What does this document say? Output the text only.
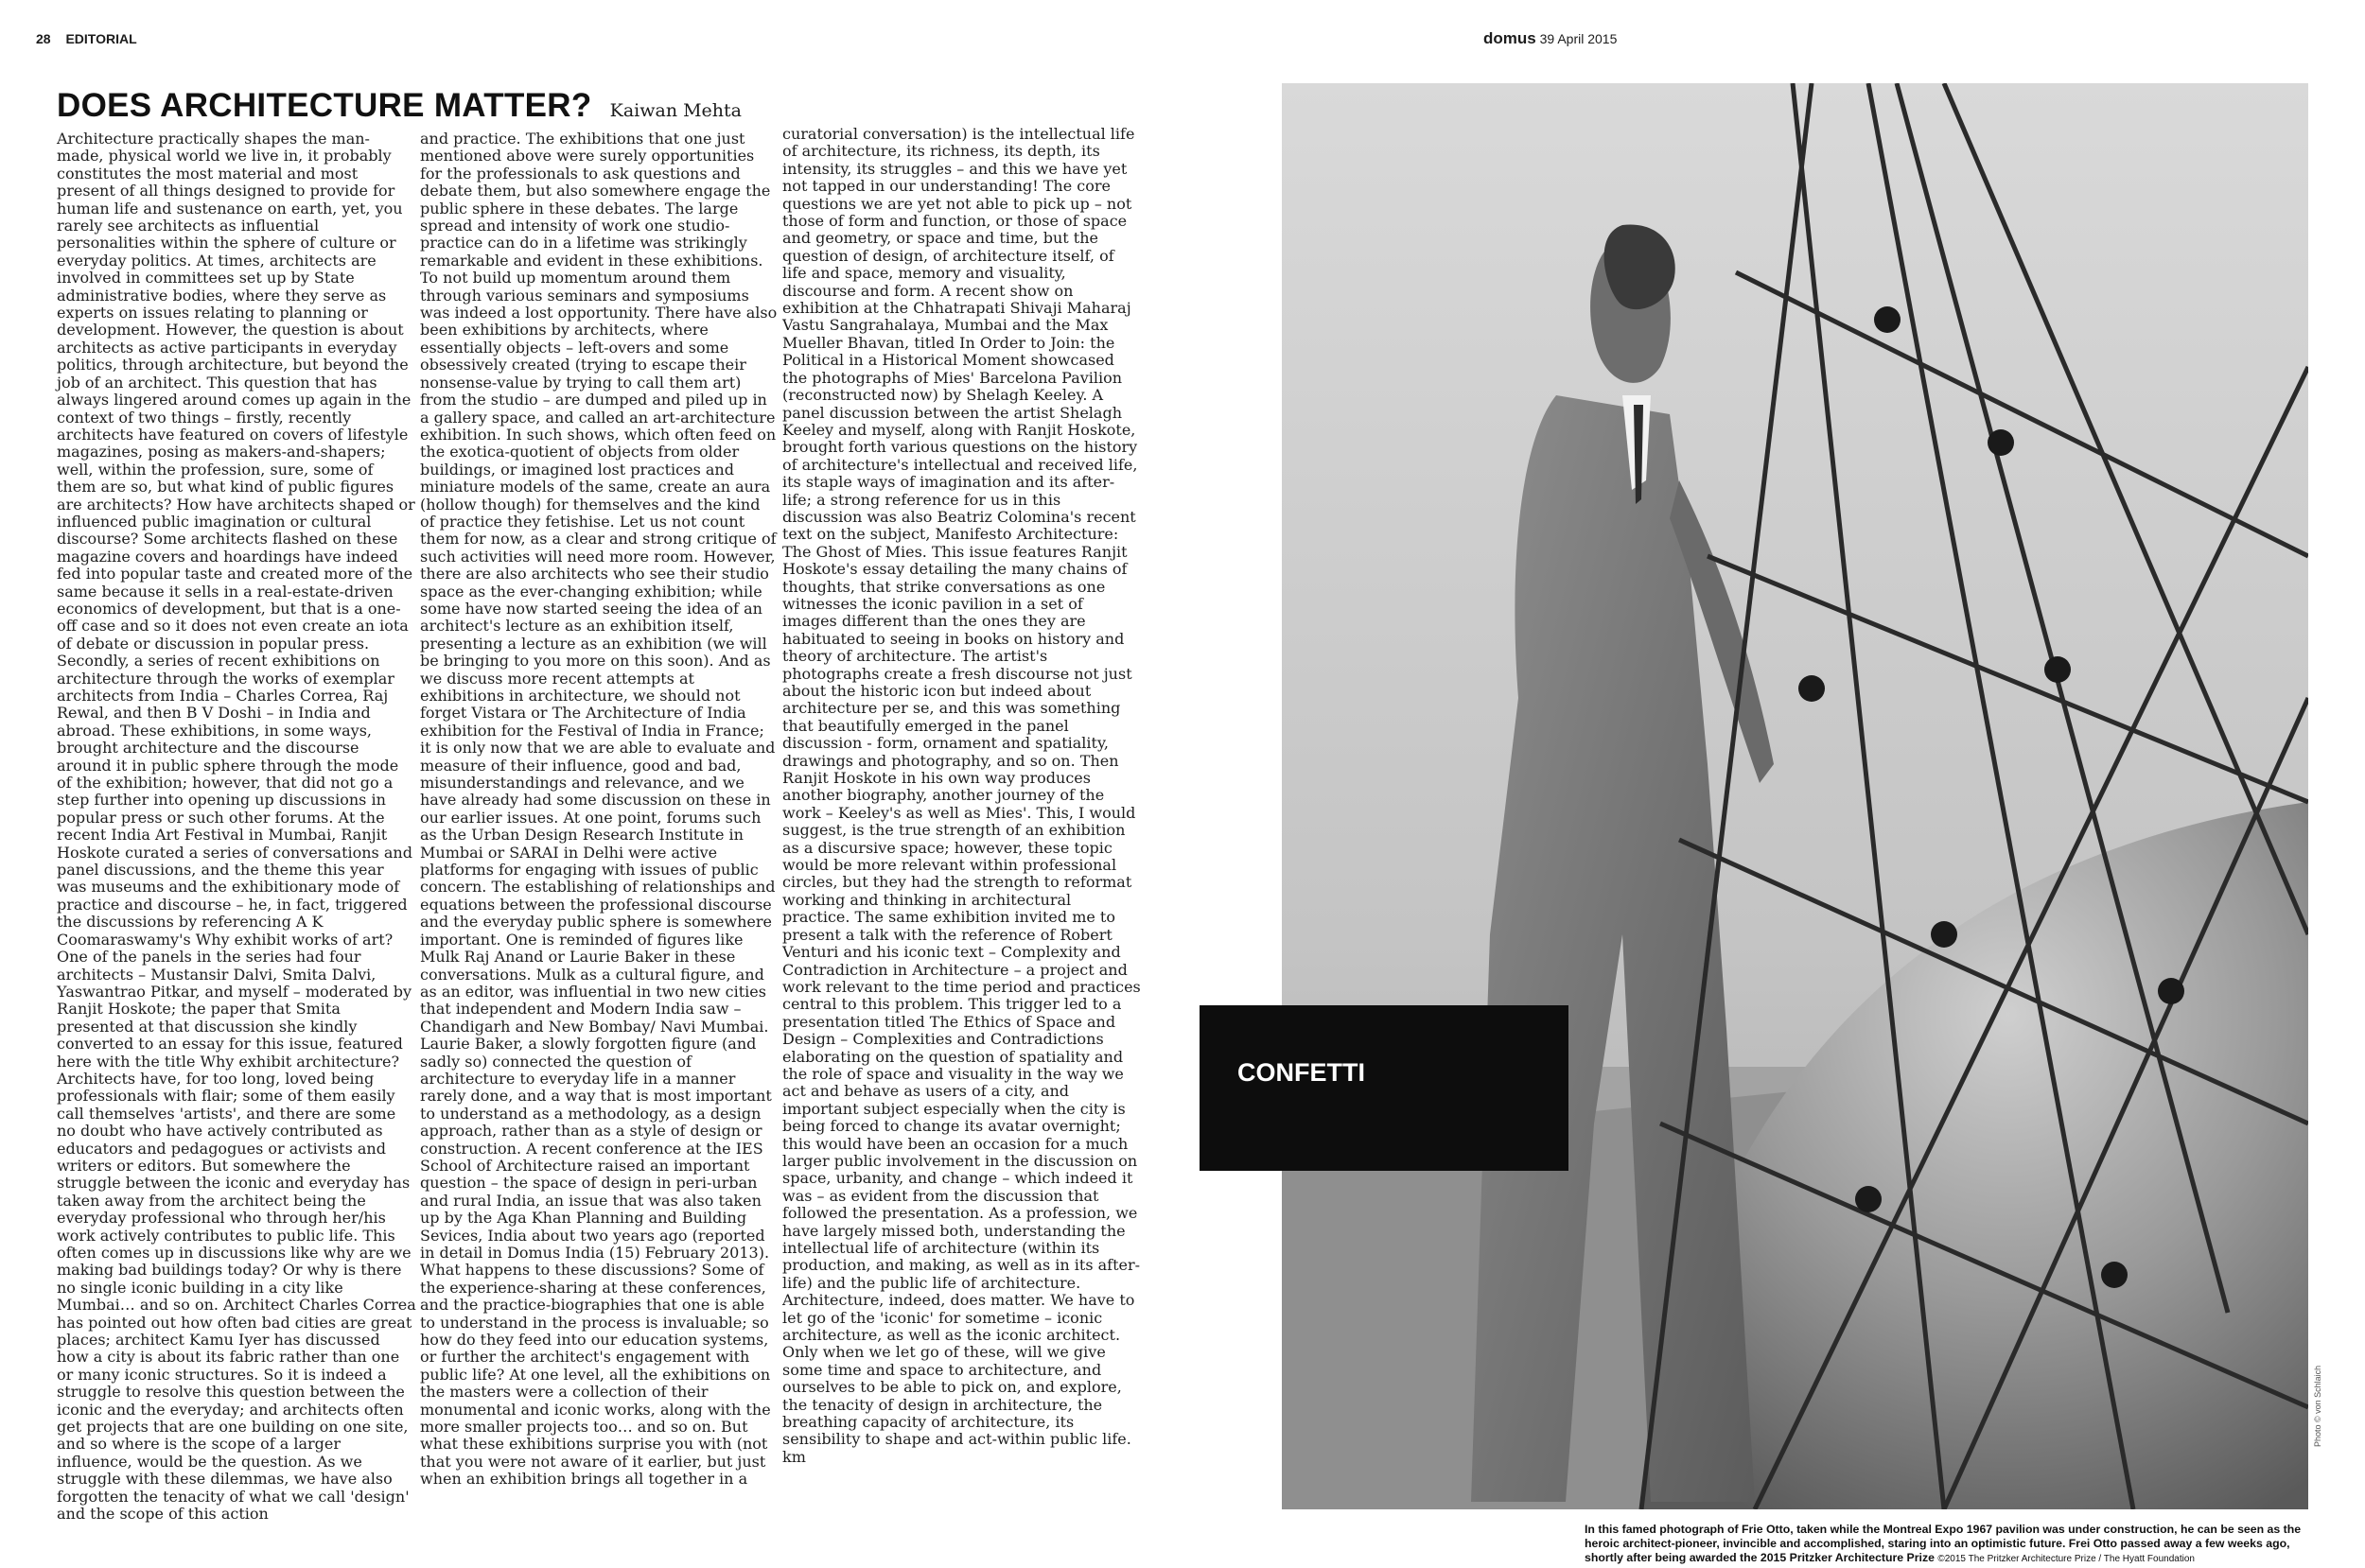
28 EDITORIAL	domus 39 April 2015
DOES ARCHITECTURE MATTER? Kaiwan Mehta

Architecture practically shapes the man-made, physical world we live in, it probably constitutes the most material and most present of all things designed to provide for human life and sustenance on earth, yet, you rarely see architects as influential personalities within the sphere of culture or everyday politics. At times, architects are involved in committees set up by State administrative bodies, where they serve as experts on issues relating to planning or development. However, the question is about architects as active participants in everyday politics, through architecture, but beyond the job of an architect. This question that has always lingered around comes up again in the context of two things – firstly, recently architects have featured on covers of lifestyle magazines, posing as makers-and-shapers; well, within the profession, sure, some of them are so, but what kind of public figures are architects? How have architects shaped or influenced public imagination or cultural discourse? Some architects flashed on these magazine covers and hoardings have indeed fed into popular taste and created more of the same because it sells in a real-estate-driven economics of development, but that is a one-off case and so it does not even create an iota of debate or discussion in popular press. Secondly, a series of recent exhibitions on architecture through the works of exemplar architects from India – Charles Correa, Raj Rewal, and then B V Doshi – in India and abroad. These exhibitions, in some ways, brought architecture and the discourse around it in public sphere through the mode of the exhibition; however, that did not go a step further into opening up discussions in popular press or such other forums. At the recent India Art Festival in Mumbai, Ranjit Hoskote curated a series of conversations and panel discussions, and the theme this year was museums and the exhibitionary mode of practice and discourse – he, in fact, triggered the discussions by referencing A K Coomaraswamy's Why exhibit works of art? One of the panels in the series had four architects – Mustansir Dalvi, Smita Dalvi, Yaswantrao Pitkar, and myself – moderated by Ranjit Hoskote; the paper that Smita presented at that discussion she kindly converted to an essay for this issue, featured here with the title Why exhibit architecture? Architects have, for too long, loved being professionals with flair; some of them easily call themselves 'artists', and there are some no doubt who have actively contributed as educators and pedagogues or activists and writers or editors. But somewhere the struggle between the iconic and everyday has taken away from the architect being the everyday professional who through her/his work actively contributes to public life. This often comes up in discussions like why are we making bad buildings today? Or why is there no single iconic building in a city like Mumbai… and so on. Architect Charles Correa has pointed out how often bad cities are great places; architect Kamu Iyer has discussed how a city is about its fabric rather than one or many iconic structures. So it is indeed a struggle to resolve this question between the iconic and the everyday; and architects often get projects that are one building on one site, and so where is the scope of a larger influence, would be the question. As we struggle with these dilemmas, we have also forgotten the tenacity of what we call 'design' and the scope of this action

and practice. The exhibitions that one just mentioned above were surely opportunities for the professionals to ask questions and debate them, but also somewhere engage the public sphere in these debates. The large spread and intensity of work one studio-practice can do in a lifetime was strikingly remarkable and evident in these exhibitions. To not build up momentum around them through various seminars and symposiums was indeed a lost opportunity. There have also been exhibitions by architects, where essentially objects – left-overs and some obsessively created (trying to escape their nonsense-value by trying to call them art) from the studio – are dumped and piled up in a gallery space, and called an art-architecture exhibition. In such shows, which often feed on the exotica-quotient of objects from older buildings, or imagined lost practices and miniature models of the same, create an aura (hollow though) for themselves and the kind of practice they fetishise. Let us not count them for now, as a clear and strong critique of such activities will need more room. However, there are also architects who see their studio space as the ever-changing exhibition; while some have now started seeing the idea of an architect's lecture as an exhibition itself, presenting a lecture as an exhibition (we will be bringing to you more on this soon). And as we discuss more recent attempts at exhibitions in architecture, we should not forget Vistara or The Architecture of India exhibition for the Festival of India in France; it is only now that we are able to evaluate and measure of their influence, good and bad, misunderstandings and relevance, and we have already had some discussion on these in our earlier issues. At one point, forums such as the Urban Design Research Institute in Mumbai or SARAI in Delhi were active platforms for engaging with issues of public concern. The establishing of relationships and equations between the professional discourse and the everyday public sphere is somewhere important. One is reminded of figures like Mulk Raj Anand or Laurie Baker in these conversations. Mulk as a cultural figure, and as an editor, was influential in two new cities that independent and Modern India saw – Chandigarh and New Bombay/ Navi Mumbai. Laurie Baker, a slowly forgotten figure (and sadly so) connected the question of architecture to everyday life in a manner rarely done, and a way that is most important to understand as a methodology, as a design approach, rather than as a style of design or construction. A recent conference at the IES School of Architecture raised an important question – the space of design in peri-urban and rural India, an issue that was also taken up by the Aga Khan Planning and Building Sevices, India about two years ago (reported in detail in Domus India (15) February 2013). What happens to these discussions? Some of the experience-sharing at these conferences, and the practice-biographies that one is able to understand in the process is invaluable; so how do they feed into our education systems, or further the architect's engagement with public life? At one level, all the exhibitions on the masters were a collection of their monumental and iconic works, along with the more smaller projects too… and so on. But what these exhibitions surprise you with (not that you were not aware of it earlier, but just when an exhibition brings all together in a

curatorial conversation) is the intellectual life of architecture, its richness, its depth, its intensity, its struggles – and this we have yet not tapped in our understanding! The core questions we are yet not able to pick up – not those of form and function, or those of space and geometry, or space and time, but the question of design, of architecture itself, of life and space, memory and visuality, discourse and form. A recent show on exhibition at the Chhatrapati Shivaji Maharaj Vastu Sangrahalaya, Mumbai and the Max Mueller Bhavan, titled In Order to Join: the Political in a Historical Moment showcased the photographs of Mies' Barcelona Pavilion (reconstructed now) by Shelagh Keeley. A panel discussion between the artist Shelagh Keeley and myself, along with Ranjit Hoskote, brought forth various questions on the history of architecture's intellectual and received life, its staple ways of imagination and its after-life; a strong reference for us in this discussion was also Beatriz Colomina's recent text on the subject, Manifesto Architecture: The Ghost of Mies. This issue features Ranjit Hoskote's essay detailing the many chains of thoughts, that strike conversations as one witnesses the iconic pavilion in a set of images different than the ones they are habituated to seeing in books on history and theory of architecture. The artist's photographs create a fresh discourse not just about the historic icon but indeed about architecture per se, and this was something that beautifully emerged in the panel discussion - form, ornament and spatiality, drawings and photography, and so on. Then Ranjit Hoskote in his own way produces another biography, another journey of the work – Keeley's as well as Mies'. This, I would suggest, is the true strength of an exhibition as a discursive space; however, these topic would be more relevant within professional circles, but they had the strength to reformat working and thinking in architectural practice. The same exhibition invited me to present a talk with the reference of Robert Venturi and his iconic text – Complexity and Contradiction in Architecture – a project and work relevant to the time period and practices central to this problem. This trigger led to a presentation titled The Ethics of Space and Design – Complexities and Contradictions elaborating on the question of spatiality and the role of space and visuality in the way we act and behave as users of a city, and important subject especially when the city is being forced to change its avatar overnight; this would have been an occasion for a much larger public involvement in the discussion on space, urbanity, and change – which indeed it was – as evident from the discussion that followed the presentation. As a profession, we have largely missed both, understanding the intellectual life of architecture (within its production, and making, as well as in its after-life) and the public life of architecture. Architecture, indeed, does matter. We have to let go of the 'iconic' for sometime – iconic architecture, as well as the iconic architect. Only when we let go of these, will we give some time and space to architecture, and ourselves to be able to pick on, and explore, the tenacity of design in architecture, the breathing capacity of architecture, its sensibility to shape and act-within public life. km

CONFETTI
Photo © von Schlaich
In this famed photograph of Frie Otto, taken while the Montreal Expo 1967 pavilion was under construction, he can be seen as the heroic architect-pioneer, invincible and accomplished, staring into an optimistic future. Frei Otto passed away a few weeks ago, shortly after being awarded the 2015 Pritzker Architecture Prize ©2015 The Pritzker Architecture Prize / The Hyatt Foundation
